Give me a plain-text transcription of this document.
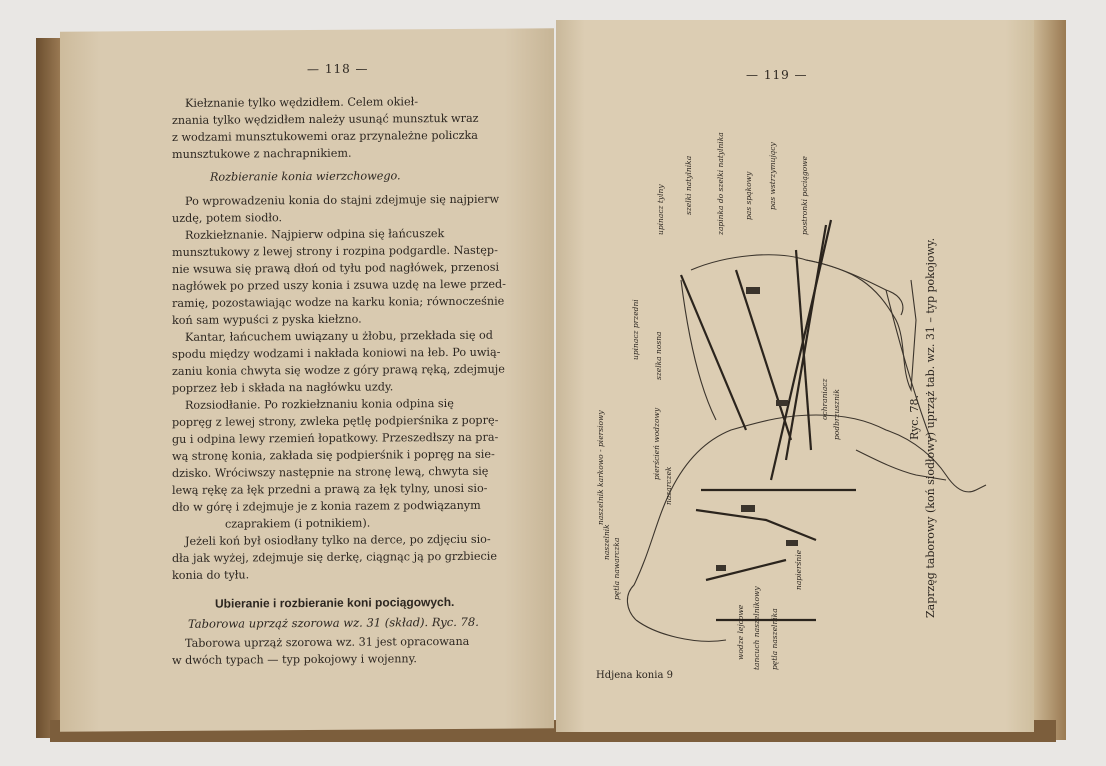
— 118 —
Kiełznanie tylko wędzidłem. Celem okieł-
znania tylko wędzidłem należy usunąć munsztuk wraz
z wodzami munsztukowemi oraz przynależne policzka
munsztukowe z nachrapnikiem.
Rozbieranie konia wierzchowego.
Po wprowadzeniu konia do stajni zdejmuje się najpierw
uzdę, potem siodło.
Rozkiełznanie. Najpierw odpina się łańcuszek
munsztukowy z lewej strony i rozpina podgardle. Następ-
nie wsuwa się prawą dłoń od tyłu pod nagłówek, przenosi
nagłówek po przed uszy konia i zsuwa uzdę na lewe przed-
ramię, pozostawiając wodze na karku konia; równocześnie
koń sam wypuści z pyska kiełzno.
Kantar, łańcuchem uwiązany u żłobu, przekłada się od
spodu między wodzami i nakłada koniowi na łeb. Po uwią-
zaniu konia chwyta się wodze z góry prawą ręką, zdejmuje
poprzez łeb i składa na nagłówku uzdy.
Rozsiodłanie. Po rozkiełznaniu konia odpina się
popręg z lewej strony, zwleka pętlę podpierśnika z poprę-
gu i odpina lewy rzemień łopatkowy. Przeszedłszy na pra-
wą stronę konia, zakłada się podpierśnik i popręg na sie-
dzisko. Wróciwszy następnie na stronę lewą, chwyta się
lewą rękę za łęk przedni a prawą za łęk tylny, unosi sio-
dło w górę i zdejmuje je z konia razem z podwiązanym
czaprakiem (i potnikiem).
Jeżeli koń był osiodłany tylko na derce, po zdjęciu sio-
dła jak wyżej, zdejmuje się derkę, ciągnąc ją po grzbiecie
konia do tyłu.
Ubieranie i rozbieranie koni pociągowych.
Taborowa uprząż szorowa wz. 31 (skład). Ryc. 78.
Taborowa uprząż szorowa wz. 31 jest opracowana
w dwóch typach — typ pokojowy i wojenny.
— 119 —
szelki natylnika	zapinka do szelki natylnika	pas spąkowy pas wstrzymujący	postronki pociągowe
upinacz tylny
upinacz przedni szelka nosna
pierścień wodzowy
nazarczek
naszelnik karkowo - piersiowy
naszelnik pętla nawarczka
wodze lejcowe tancuch naszelnikowy pętla naszelnika
napierśnie
ochraniacz podbrzusznik	Ryc. 78. Zaprzęg taborowy (koń siodłowy) uprząż tab. wz. 31 – typ pokojowy.
Hdjena konia 9
